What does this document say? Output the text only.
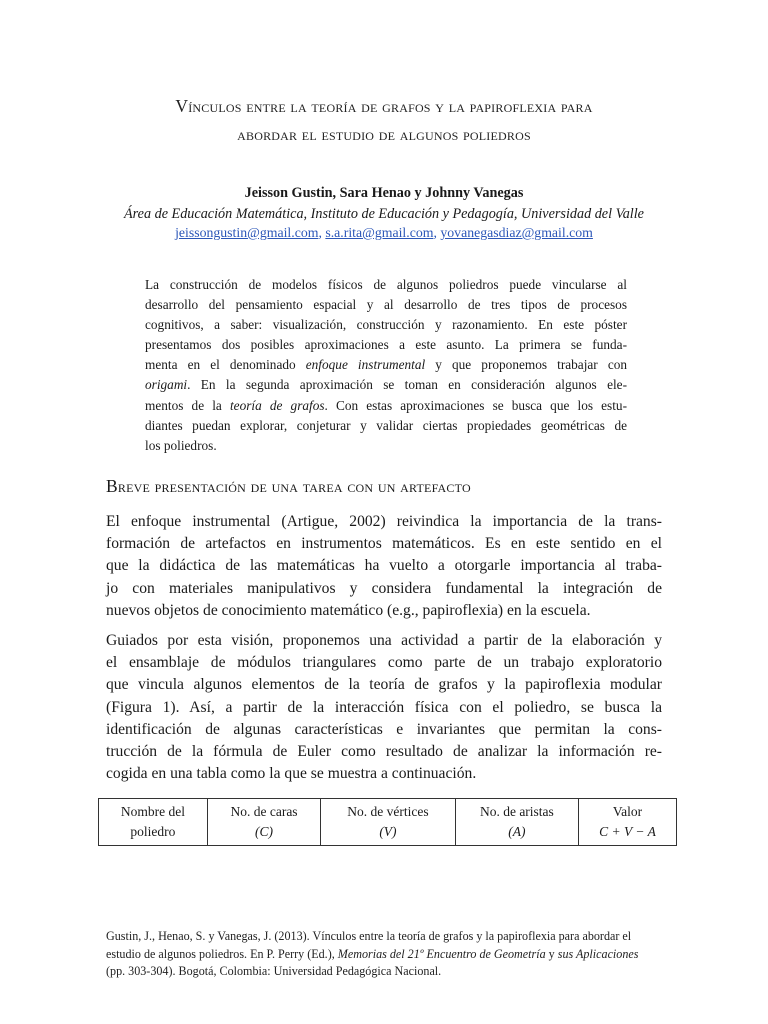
Vínculos entre la teoría de grafos y la papiroflexia para
abordar el estudio de algunos poliedros
Jeisson Gustin, Sara Henao y Johnny Vanegas
Área de Educación Matemática, Instituto de Educación y Pedagogía, Universidad del Valle
jeissongustin@gmail.com, s.a.rita@gmail.com, yovanegasdiaz@gmail.com
La construcción de modelos físicos de algunos poliedros puede vincularse al
desarrollo del pensamiento espacial y al desarrollo de tres tipos de procesos
cognitivos, a saber: visualización, construcción y razonamiento. En este póster
presentamos dos posibles aproximaciones a este asunto. La primera se funda-
menta en el denominado enfoque instrumental y que proponemos trabajar con
origami. En la segunda aproximación se toman en consideración algunos ele-
mentos de la teoría de grafos. Con estas aproximaciones se busca que los estu-
diantes puedan explorar, conjeturar y validar ciertas propiedades geométricas de
los poliedros.
Breve presentación de una tarea con un artefacto
El enfoque instrumental (Artigue, 2002) reivindica la importancia de la trans-
formación de artefactos en instrumentos matemáticos. Es en este sentido en el
que la didáctica de las matemáticas ha vuelto a otorgarle importancia al traba-
jo con materiales manipulativos y considera fundamental la integración de
nuevos objetos de conocimiento matemático (e.g., papiroflexia) en la escuela.
Guiados por esta visión, proponemos una actividad a partir de la elaboración y
el ensamblaje de módulos triangulares como parte de un trabajo exploratorio
que vincula algunos elementos de la teoría de grafos y la papiroflexia modular
(Figura 1). Así, a partir de la interacción física con el poliedro, se busca la
identificación de algunas características e invariantes que permitan la cons-
trucción de la fórmula de Euler como resultado de analizar la información re-
cogida en una tabla como la que se muestra a continuación.
Nombre del
poliedro
	No. de caras
(C)
	No. de vértices
(V)
	No. de aristas
(A)
	Valor
C + V − A
Gustin, J., Henao, S. y Vanegas, J. (2013). Vínculos entre la teoría de grafos y la papiroflexia para abordar el
estudio de algunos poliedros. En P. Perry (Ed.), Memorias del 21º Encuentro de Geometría y sus Aplicaciones
(pp. 303-304). Bogotá, Colombia: Universidad Pedagógica Nacional.
